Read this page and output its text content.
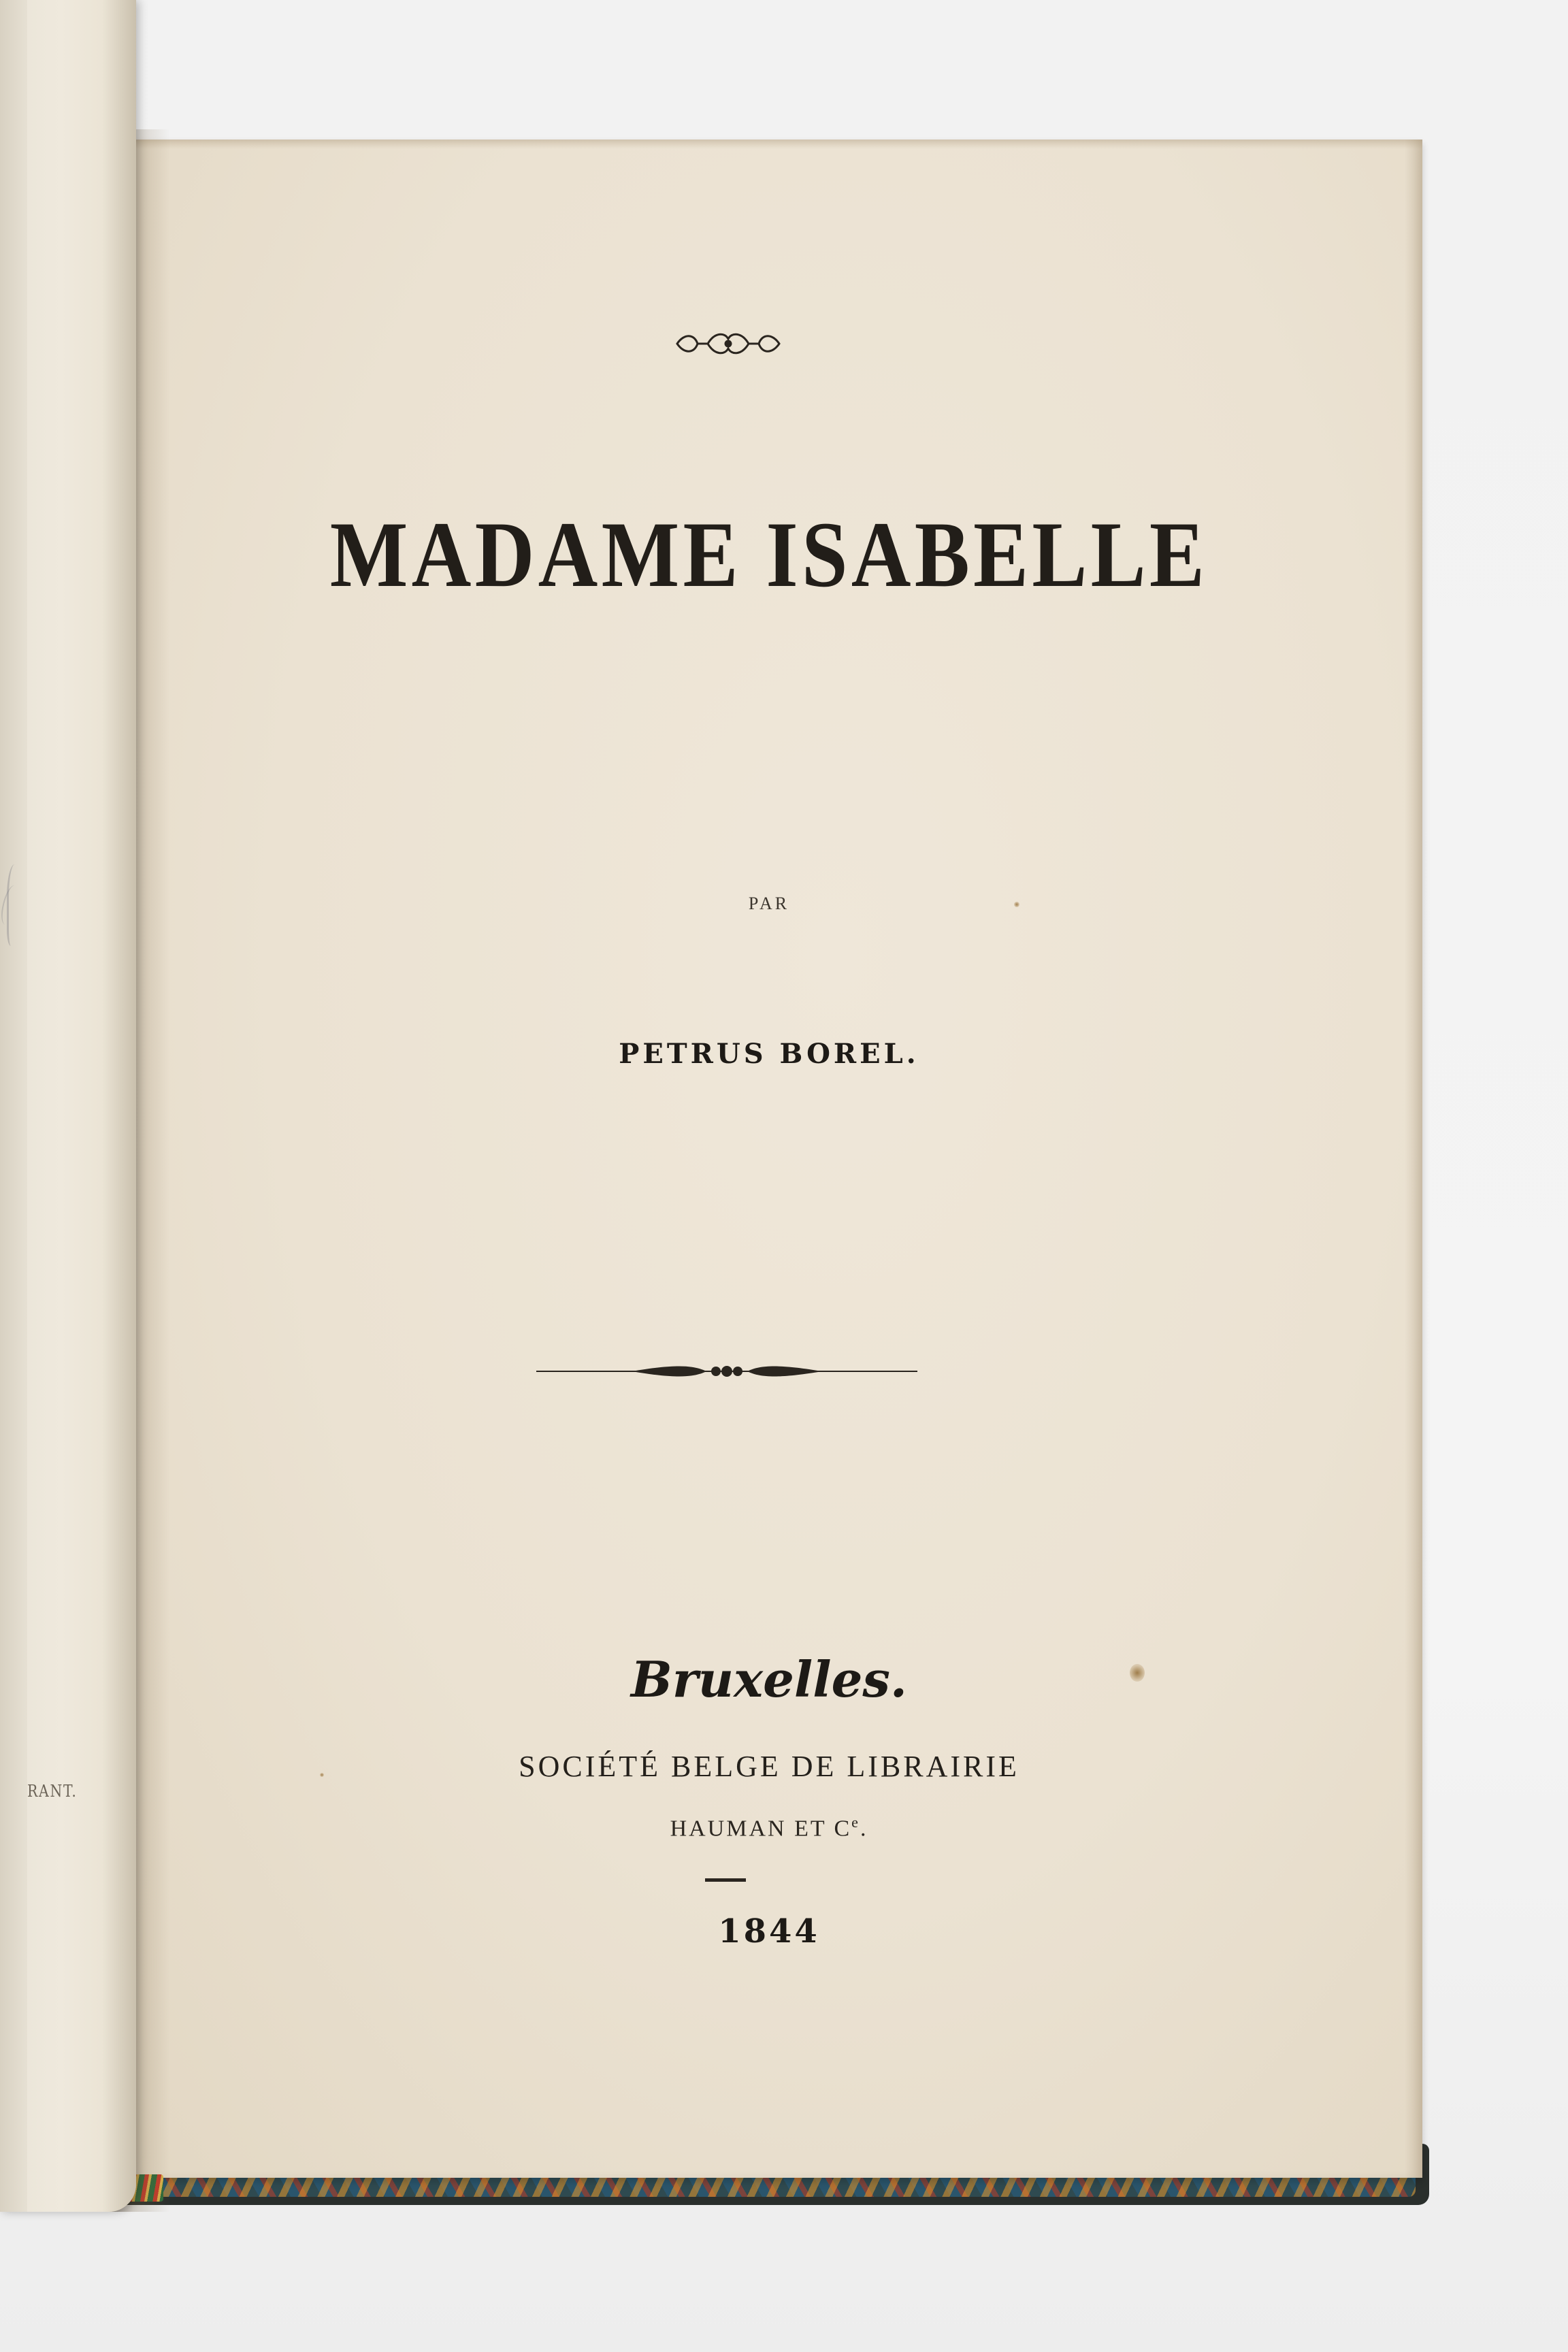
MADAME ISABELLE
PAR
PETRUS BOREL.
Bruxelles.
SOCIÉTÉ BELGE DE LIBRAIRIE
HAUMAN ET Ce.
1844
RANT.
